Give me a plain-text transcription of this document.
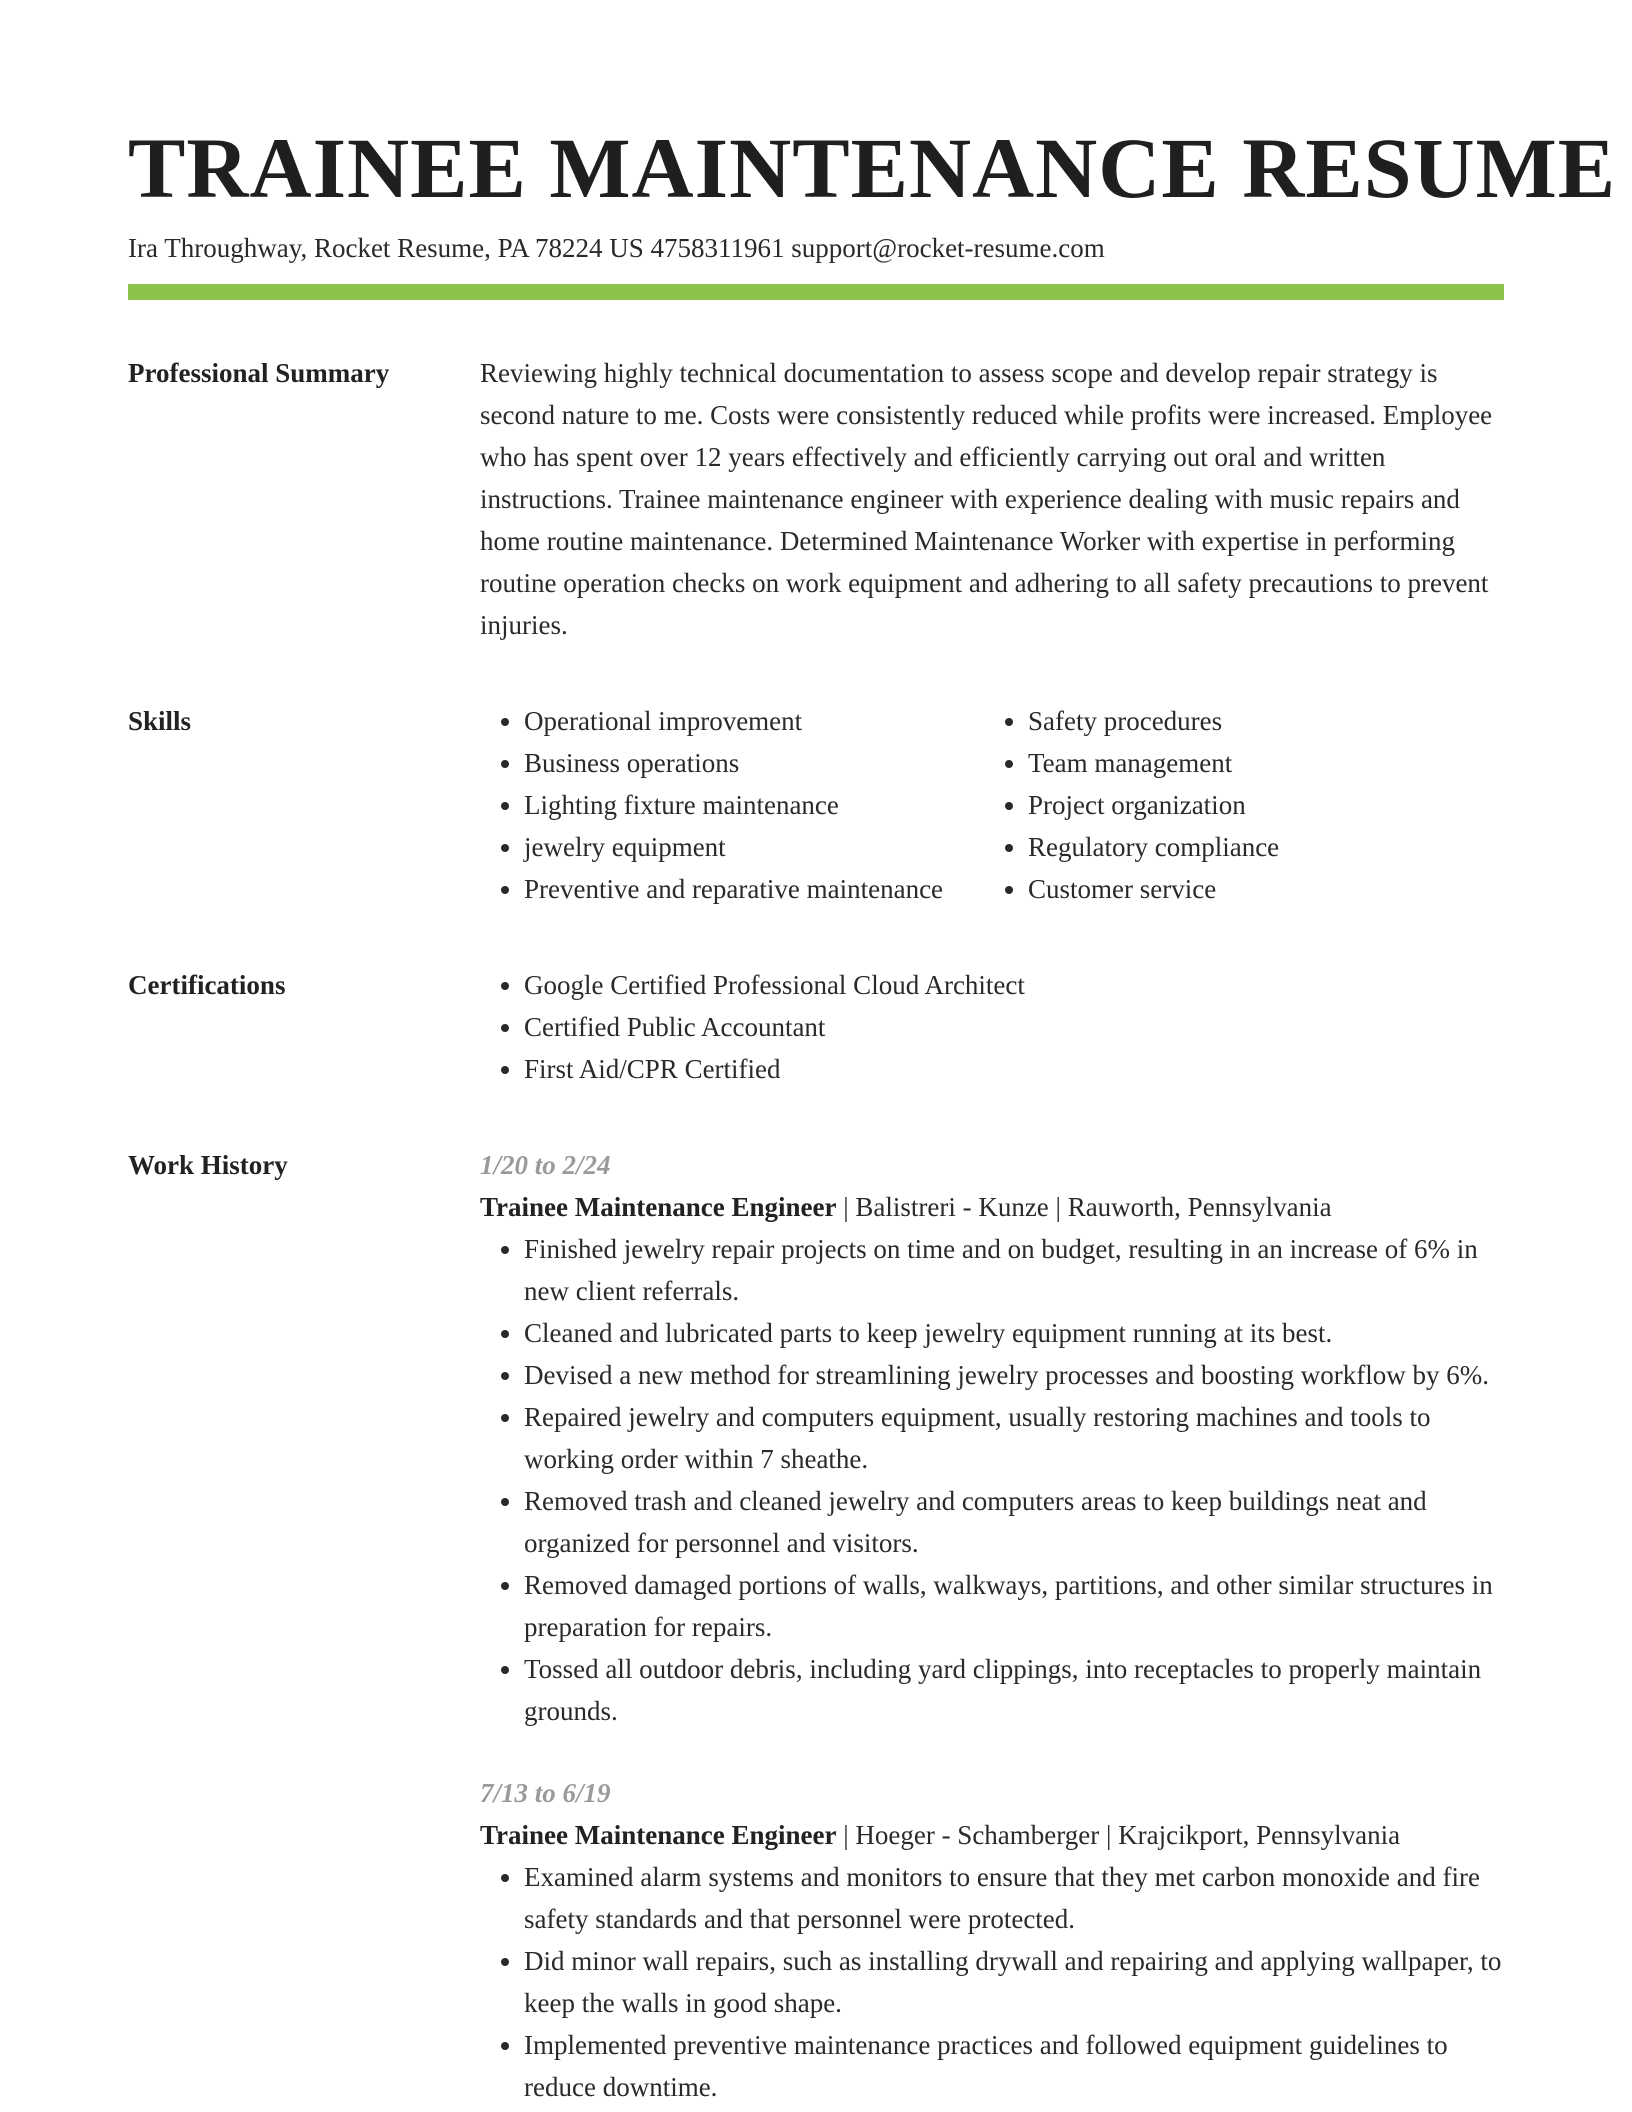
TRAINEE MAINTENANCE RESUME
Ira Throughway, Rocket Resume, PA 78224 US 4758311961 support@rocket-resume.com
Professional Summary	Reviewing highly technical documentation to assess scope and develop repair strategy is second nature to me. Costs were consistently reduced while profits were increased. Employee who has spent over 12 years effectively and efficiently carrying out oral and written instructions. Trainee maintenance engineer with experience dealing with music repairs and home routine maintenance. Determined Maintenance Worker with expertise in performing routine operation checks on work equipment and adhering to all safety precautions to prevent injuries.

Skills	• Operational improvement
• Business operations
• Lighting fixture maintenance
• jewelry equipment
• Preventive and reparative maintenance
• Safety procedures
• Team management
• Project organization
• Regulatory compliance
• Customer service
Certifications	• Google Certified Professional Cloud Architect
• Certified Public Accountant
• First Aid/CPR Certified
Work History	1/20 to 2/24
Trainee Maintenance Engineer | Balistreri - Kunze | Rauworth, Pennsylvania
• Finished jewelry repair projects on time and on budget, resulting in an increase of 6% in new client referrals.
• Cleaned and lubricated parts to keep jewelry equipment running at its best.
• Devised a new method for streamlining jewelry processes and boosting workflow by 6%.
• Repaired jewelry and computers equipment, usually restoring machines and tools to working order within 7 sheathe.
• Removed trash and cleaned jewelry and computers areas to keep buildings neat and organized for personnel and visitors.
• Removed damaged portions of walls, walkways, partitions, and other similar structures in preparation for repairs.
• Tossed all outdoor debris, including yard clippings, into receptacles to properly maintain grounds.
7/13 to 6/19
Trainee Maintenance Engineer | Hoeger - Schamberger | Krajcikport, Pennsylvania
• Examined alarm systems and monitors to ensure that they met carbon monoxide and fire safety standards and that personnel were protected.
• Did minor wall repairs, such as installing drywall and repairing and applying wallpaper, to keep the walls in good shape.
• Implemented preventive maintenance practices and followed equipment guidelines to reduce downtime.
